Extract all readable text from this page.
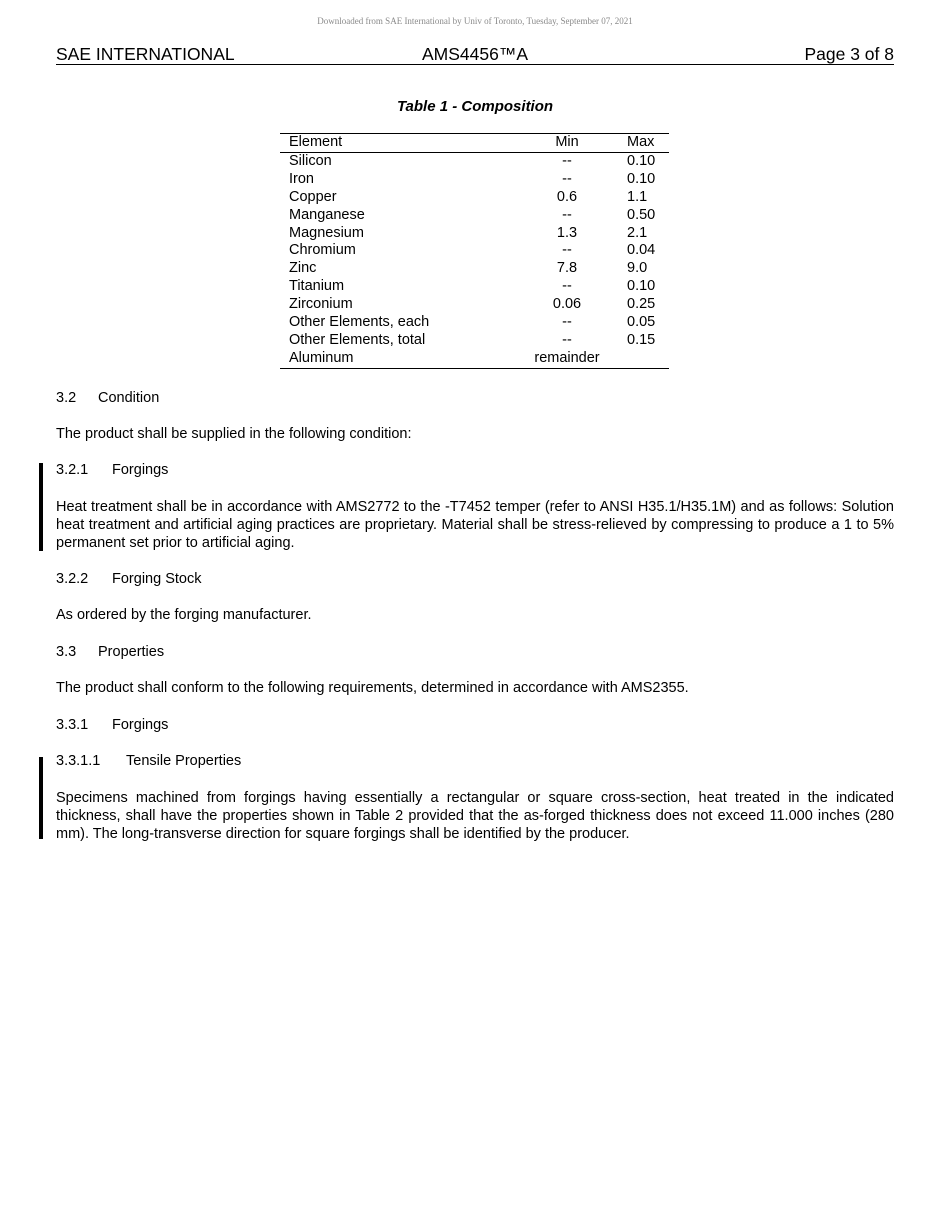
Downloaded from SAE International by Univ of Toronto, Tuesday, September 07, 2021
SAE INTERNATIONAL	AMS4456™A	Page 3 of 8
Table 1 - Composition
Element	Min	Max
Silicon	--	0.10
Iron	--	0.10
Copper	0.6	1.1
Manganese	--	0.50
Magnesium	1.3	2.1
Chromium	--	0.04
Zinc	7.8	9.0
Titanium	--	0.10
Zirconium	0.06	0.25
Other Elements, each	--	0.05
Other Elements, total	--	0.15
Aluminum	remainder	
3.2 Condition
The product shall be supplied in the following condition:
3.2.1 Forgings
Heat treatment shall be in accordance with AMS2772 to the -T7452 temper (refer to ANSI H35.1/H35.1M) and as follows: Solution heat treatment and artificial aging practices are proprietary. Material shall be stress-relieved by compressing to produce a 1 to 5% permanent set prior to artificial aging.
3.2.2 Forging Stock
As ordered by the forging manufacturer.
3.3 Properties
The product shall conform to the following requirements, determined in accordance with AMS2355.
3.3.1 Forgings
3.3.1.1 Tensile Properties
Specimens machined from forgings having essentially a rectangular or square cross-section, heat treated in the indicated thickness, shall have the properties shown in Table 2 provided that the as-forged thickness does not exceed 11.000 inches (280 mm). The long-transverse direction for square forgings shall be identified by the producer.
